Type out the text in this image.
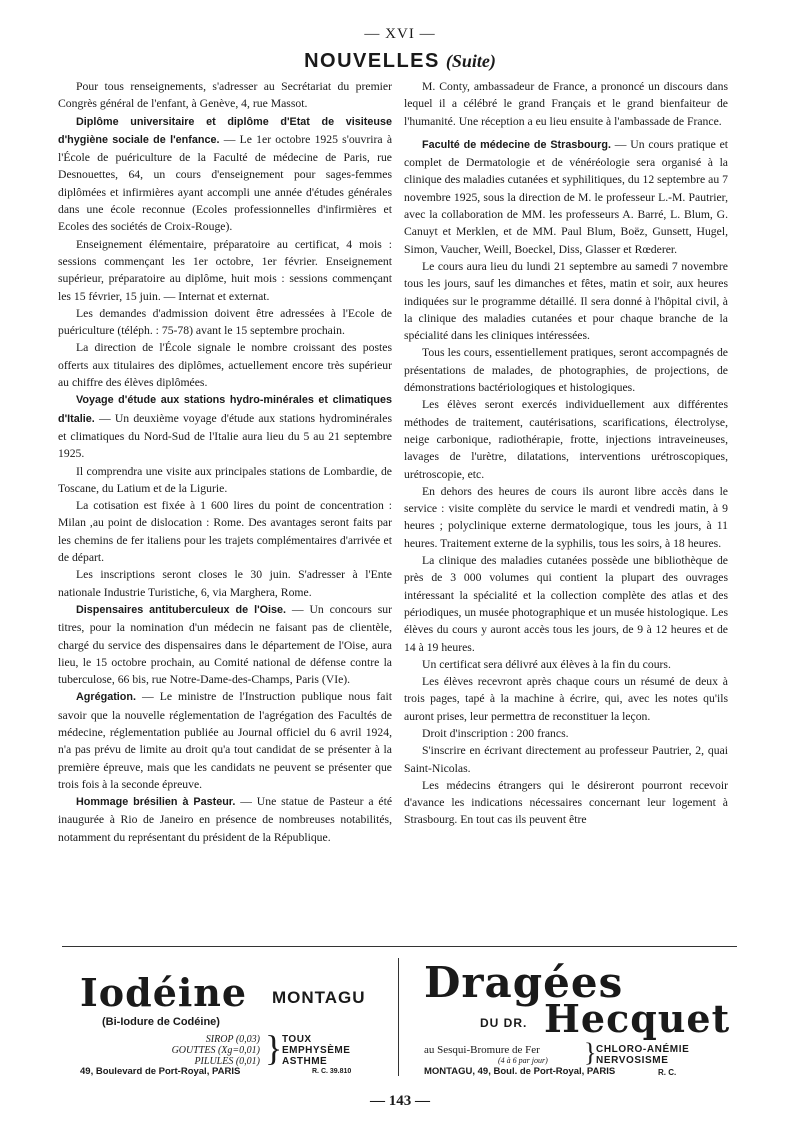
— XVI —
NOUVELLES (Suite)

Pour tous renseignements, s'adresser au Secrétariat du premier Congrès général de l'enfant, à Genève, 4, rue Massot.

Diplôme universitaire et diplôme d'Etat de visiteuse d'hygiène sociale de l'enfance. — Le 1er octobre 1925 s'ouvrira à l'École de puériculture de la Faculté de médecine de Paris, rue Desnouettes, 64, un cours d'enseignement pour sages-femmes diplômées et infirmières ayant accompli une année d'études générales dans une école reconnue (Ecoles professionnelles d'infirmières et Ecoles des sociétés de Croix-Rouge).

Enseignement élémentaire, préparatoire au certificat, 4 mois : sessions commençant les 1er octobre, 1er février. Enseignement supérieur, préparatoire au diplôme, huit mois : sessions commençant les 15 février, 15 juin. — Internat et externat.

Les demandes d'admission doivent être adressées à l'Ecole de puériculture (téléph. : 75-78) avant le 15 septembre prochain.

La direction de l'École signale le nombre croissant des postes offerts aux titulaires des diplômes, actuellement encore très supérieur au chiffre des élèves diplômées.

Voyage d'étude aux stations hydro-minérales et climatiques d'Italie. — Un deuxième voyage d'étude aux stations hydrominérales et climatiques du Nord-Sud de l'Italie aura lieu du 5 au 21 septembre 1925.

Il comprendra une visite aux principales stations de Lombardie, de Toscane, du Latium et de la Ligurie.

La cotisation est fixée à 1 600 lires du point de concentration : Milan ,au point de dislocation : Rome. Des avantages seront faits par les chemins de fer italiens pour les trajets complémentaires d'arrivée et de départ.

Les inscriptions seront closes le 30 juin. S'adresser à l'Ente nationale Industrie Turistiche, 6, via Marghera, Rome.

Dispensaires antituberculeux de l'Oise. — Un concours sur titres, pour la nomination d'un médecin ne faisant pas de clientèle, chargé du service des dispensaires dans le département de l'Oise, aura lieu, le 15 octobre prochain, au Comité national de défense contre la tuberculose, 66 bis, rue Notre-Dame-des-Champs, Paris (VIe).

Agrégation. — Le ministre de l'Instruction publique nous fait savoir que la nouvelle réglementation de l'agrégation des Facultés de médecine, réglementation publiée au Journal officiel du 6 avril 1924, n'a pas prévu de limite au droit qu'a tout candidat de se présenter à la première épreuve, mais que les candidats ne peuvent se présenter que trois fois à la seconde épreuve.

Hommage brésilien à Pasteur. — Une statue de Pasteur a été inaugurée à Rio de Janeiro en présence de nombreuses notabilités, notamment du représentant du président de la République.

M. Conty, ambassadeur de France, a prononcé un discours dans lequel il a célébré le grand Français et le grand bienfaiteur de l'humanité. Une réception a eu lieu ensuite à l'ambassade de France.

Faculté de médecine de Strasbourg. — Un cours pratique et complet de Dermatologie et de vénéréologie sera organisé à la clinique des maladies cutanées et syphilitiques, du 12 septembre au 7 novembre 1925, sous la direction de M. le professeur L.-M. Pautrier, avec la collaboration de MM. les professeurs A. Barré, L. Blum, G. Canuyt et Merklen, et de MM. Paul Blum, Boëz, Gunsett, Hugel, Simon, Vaucher, Weill, Boeckel, Diss, Glasser et Rœderer.

Le cours aura lieu du lundi 21 septembre au samedi 7 novembre tous les jours, sauf les dimanches et fêtes, matin et soir, aux heures indiquées sur le programme détaillé. Il sera donné à l'hôpital civil, à la clinique des maladies cutanées et pour chaque branche de la spécialité dans les cliniques intéressées.

Tous les cours, essentiellement pratiques, seront accompagnés de présentations de malades, de photographies, de projections, de démonstrations bactériologiques et histologiques.

Les élèves seront exercés individuellement aux différentes méthodes de traitement, cautérisations, scarifications, électrolyse, neige carbonique, radiothérapie, frotte, injections intraveineuses, lavages de l'urètre, dilatations, interventions urétroscopiques, urétroscopie, etc.

En dehors des heures de cours ils auront libre accès dans le service : visite complète du service le mardi et vendredi matin, à 9 heures ; polyclinique externe dermatologique, tous les jours, à 11 heures. Traitement externe de la syphilis, tous les soirs, à 18 heures.

La clinique des maladies cutanées possède une bibliothèque de près de 3 000 volumes qui contient la plupart des ouvrages intéressant la spécialité et la collection complète des atlas et des périodiques, un musée photographique et un musée histologique. Les élèves du cours y auront accès tous les jours, de 9 à 12 heures et de 14 à 19 heures.

Un certificat sera délivré aux élèves à la fin du cours.

Les élèves recevront après chaque cours un résumé de deux à trois pages, tapé à la machine à écrire, qui, avec les notes qu'ils auront prises, leur permettra de reconstituer la leçon.

Droit d'inscription : 200 francs.

S'inscrire en écrivant directement au professeur Pautrier, 2, quai Saint-Nicolas.

Les médecins étrangers qui le désireront pourront recevoir d'avance les indications nécessaires concernant leur logement à Strasbourg. En tout cas ils peuvent être

Iodéine MONTAGU
(Bi-Iodure de Codéine)
SIROP (0,03)
GOUTTES (Xg=0,01)
PILULES (0,01) } TOUX
EMPHYSÈME
ASTHME
49, Boulevard de Port-Royal, PARIS	R. C. 39.810
Dragées
DU DR. Hecquet
au Sesqui-Bromure de Fer
(4 à 6 par jour) } CHLORO-ANÉMIE
NERVOSISME
MONTAGU, 49, Boul. de Port-Royal, PARIS	R. C.
— 143 —
